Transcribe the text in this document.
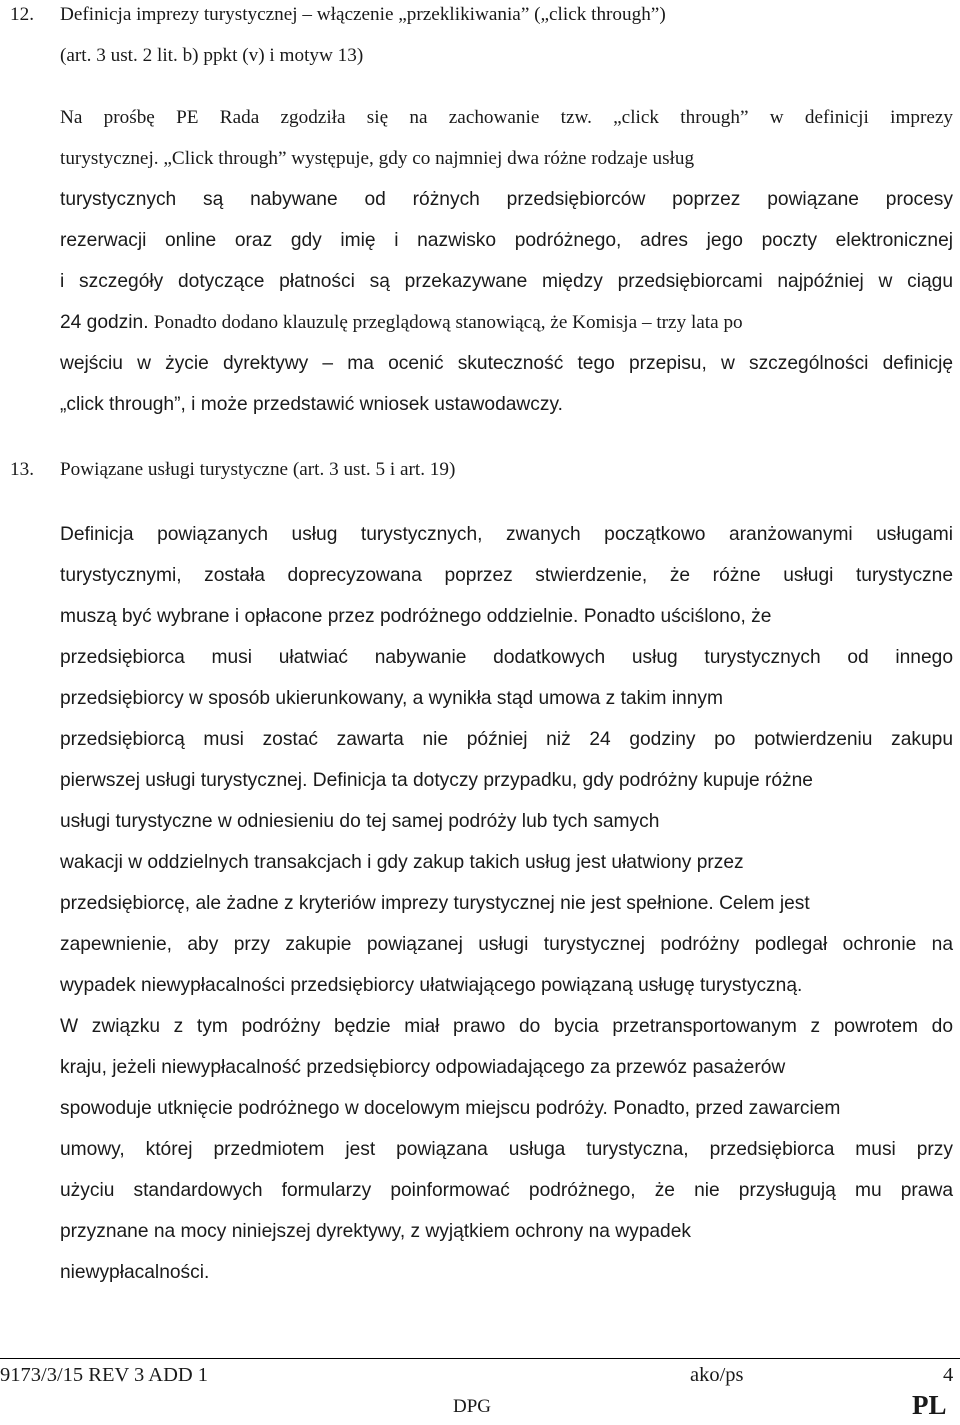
12. Definicja imprezy turystycznej – włączenie „przeklikiwania” („click through”)
(art. 3 ust. 2 lit. b) ppkt (v) i motyw 13)
Na prośbę PE Rada zgodziła się na zachowanie tzw. „click through” w definicji imprezy
turystycznej. „Click through” występuje, gdy co najmniej dwa różne rodzaje usług
turystycznych są nabywane od różnych przedsiębiorców poprzez powiązane procesy
rezerwacji online oraz gdy imię i nazwisko podróżnego, adres jego poczty elektronicznej
i szczegóły dotyczące płatności są przekazywane między przedsiębiorcami najpóźniej w ciągu
24 godzin. Ponadto dodano klauzulę przeglądową stanowiącą, że Komisja – trzy lata po
wejściu w życie dyrektywy – ma ocenić skuteczność tego przepisu, w szczególności definicję
„click through”, i może przedstawić wniosek ustawodawczy.
13. Powiązane usługi turystyczne (art. 3 ust. 5 i art. 19)
Definicja powiązanych usług turystycznych, zwanych początkowo aranżowanymi usługami
turystycznymi, została doprecyzowana poprzez stwierdzenie, że różne usługi turystyczne
muszą być wybrane i opłacone przez podróżnego oddzielnie. Ponadto uściślono, że
przedsiębiorca musi ułatwiać nabywanie dodatkowych usług turystycznych od innego
przedsiębiorcy w sposób ukierunkowany, a wynikła stąd umowa z takim innym
przedsiębiorcą musi zostać zawarta nie później niż 24 godziny po potwierdzeniu zakupu
pierwszej usługi turystycznej. Definicja ta dotyczy przypadku, gdy podróżny kupuje różne
usługi turystyczne w odniesieniu do tej samej podróży lub tych samych
wakacji w oddzielnych transakcjach i gdy zakup takich usług jest ułatwiony przez
przedsiębiorcę, ale żadne z kryteriów imprezy turystycznej nie jest spełnione. Celem jest
zapewnienie, aby przy zakupie powiązanej usługi turystycznej podróżny podlegał ochronie na
wypadek niewypłacalności przedsiębiorcy ułatwiającego powiązaną usługę turystyczną.
W związku z tym podróżny będzie miał prawo do bycia przetransportowanym z powrotem do
kraju, jeżeli niewypłacalność przedsiębiorcy odpowiadającego za przewóz pasażerów
spowoduje utknięcie podróżnego w docelowym miejscu podróży. Ponadto, przed zawarciem
umowy, której przedmiotem jest powiązana usługa turystyczna, przedsiębiorca musi przy
użyciu standardowych formularzy poinformować podróżnego, że nie przysługują mu prawa
przyznane na mocy niniejszej dyrektywy, z wyjątkiem ochrony na wypadek
niewypłacalności.
9173/3/15 REV 3 ADD 1	ako/ps	4
DPG	PL
